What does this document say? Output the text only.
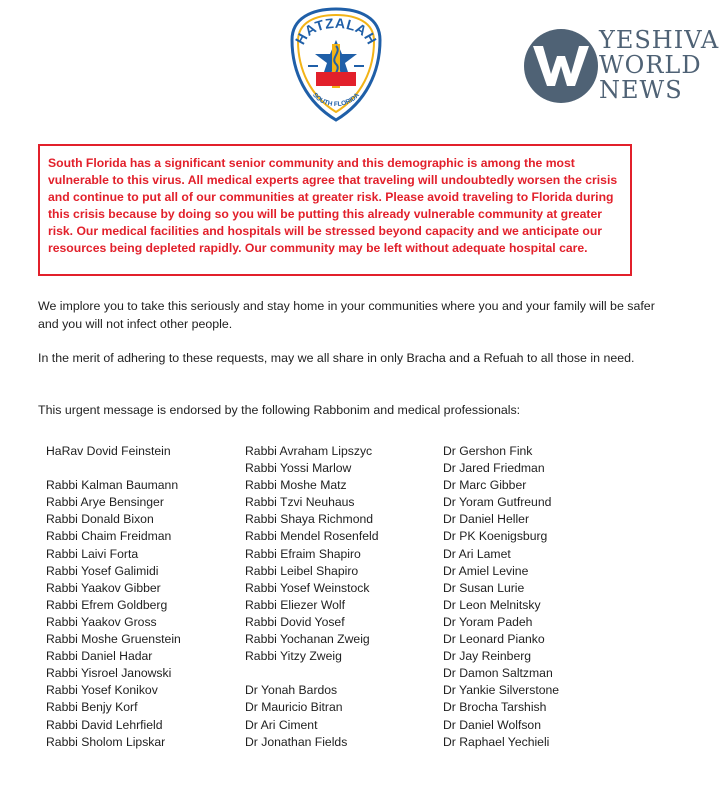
HATZALAH
SOUTH FLORIDA
YESHIVA
WORLD
NEWS
South Florida has a significant senior community and this demographic is among the most vulnerable to this virus. All medical experts agree that traveling will undoubtedly worsen the crisis and continue to put all of our communities at greater risk. Please avoid traveling to Florida during this crisis because by doing so you will be putting this already vulnerable community at greater risk. Our medical facilities and hospitals will be stressed beyond capacity and we anticipate our resources being depleted rapidly. Our community may be left without adequate hospital care.
We implore you to take this seriously and stay home in your communities where you and your family will be safer and you will not infect other people.
In the merit of adhering to these requests, may we all share in only Bracha and a Refuah to all those in need.
This urgent message is endorsed by the following Rabbonim and medical professionals:
HaRav Dovid Feinstein
Rabbi Kalman Baumann
Rabbi Arye Bensinger
Rabbi Donald Bixon
Rabbi Chaim Freidman
Rabbi Laivi Forta
Rabbi Yosef Galimidi
Rabbi Yaakov Gibber
Rabbi Efrem Goldberg
Rabbi Yaakov Gross
Rabbi Moshe Gruenstein
Rabbi Daniel Hadar
Rabbi Yisroel Janowski
Rabbi Yosef Konikov
Rabbi Benjy Korf
Rabbi David Lehrfield
Rabbi Sholom Lipskar
Rabbi Avraham Lipszyc
Rabbi Yossi Marlow
Rabbi Moshe Matz
Rabbi Tzvi Neuhaus
Rabbi Shaya Richmond
Rabbi Mendel Rosenfeld
Rabbi Efraim Shapiro
Rabbi Leibel Shapiro
Rabbi Yosef Weinstock
Rabbi Eliezer Wolf
Rabbi Dovid Yosef
Rabbi Yochanan Zweig
Rabbi Yitzy Zweig
Dr Yonah Bardos
Dr Mauricio Bitran
Dr Ari Ciment
Dr Jonathan Fields
Dr Gershon Fink
Dr Jared Friedman
Dr Marc Gibber
Dr Yoram Gutfreund
Dr Daniel Heller
Dr PK Koenigsburg
Dr Ari Lamet
Dr Amiel Levine
Dr Susan Lurie
Dr Leon Melnitsky
Dr Yoram Padeh
Dr Leonard Pianko
Dr Jay Reinberg
Dr Damon Saltzman
Dr Yankie Silverstone
Dr Brocha Tarshish
Dr Daniel Wolfson
Dr Raphael Yechieli
